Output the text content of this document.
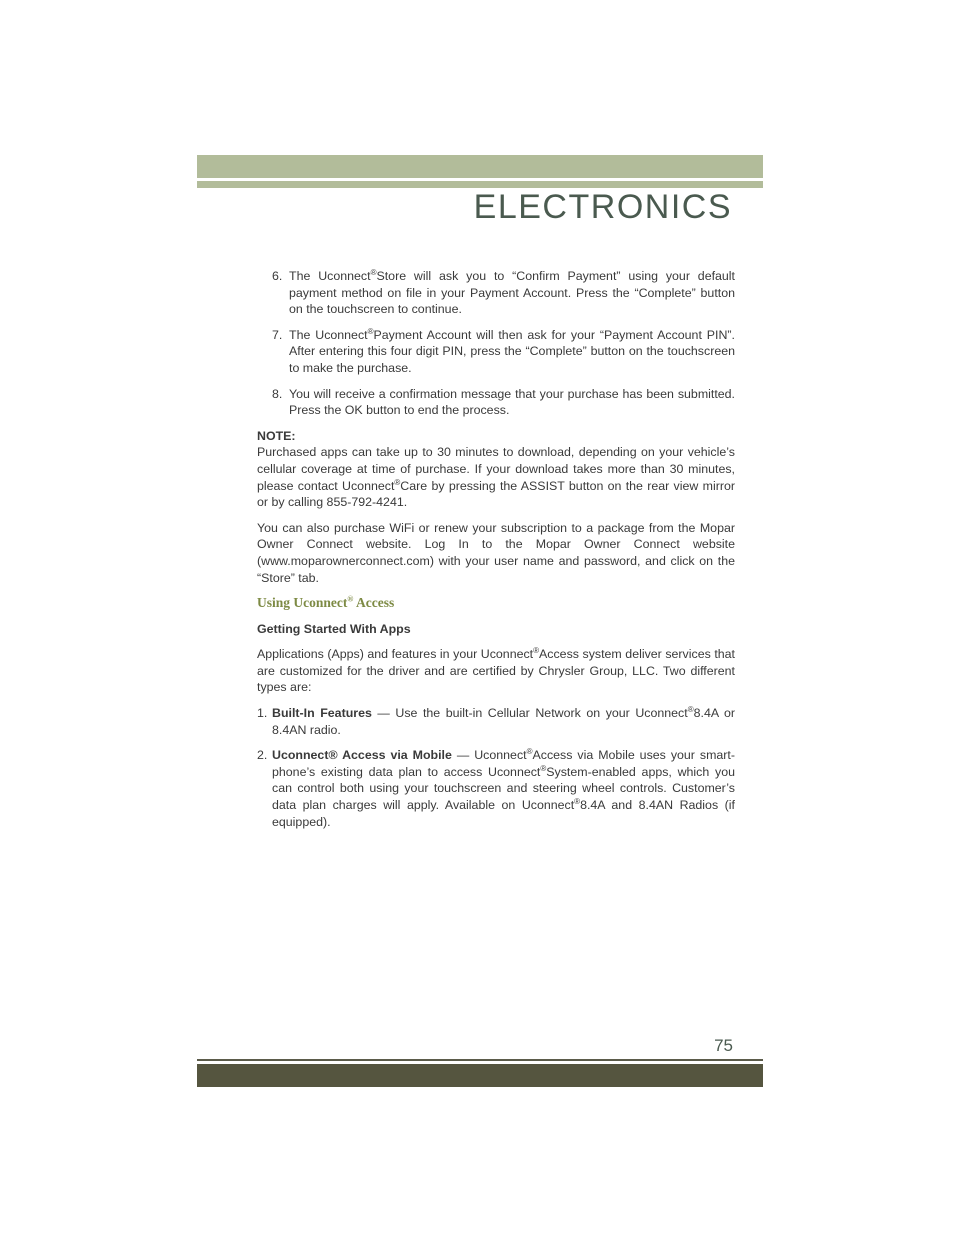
ELECTRONICS
6. The Uconnect®Store will ask you to “Confirm Payment” using your default payment method on file in your Payment Account. Press the “Complete” button on the touchscreen to continue.
7. The Uconnect®Payment Account will then ask for your “Payment Account PIN”. After entering this four digit PIN, press the “Complete” button on the touchscreen to make the purchase.
8. You will receive a confirmation message that your purchase has been submitted. Press the OK button to end the process.

NOTE:

Purchased apps can take up to 30 minutes to download, depending on your vehicle’s cellular coverage at time of purchase. If your download takes more than 30 minutes, please contact Uconnect®Care by pressing the ASSIST button on the rear view mirror or by calling 855-792-4241.

You can also purchase WiFi or renew your subscription to a package from the Mopar Owner Connect website. Log In to the Mopar Owner Connect website (www.moparownerconnect.com) with your user name and password, and click on the “Store” tab.

Using Uconnect® Access

Getting Started With Apps

Applications (Apps) and features in your Uconnect®Access system deliver services that are customized for the driver and are certified by Chrysler Group, LLC. Two different types are:

1. Built-In Features — Use the built-in Cellular Network on your Uconnect®8.4A or 8.4AN radio.
2. Uconnect® Access via Mobile — Uconnect®Access via Mobile uses your smart-phone’s existing data plan to access Uconnect®System-enabled apps, which you can control both using your touchscreen and steering wheel controls. Customer’s data plan charges will apply. Available on Uconnect®8.4A and 8.4AN Radios (if equipped).
75
